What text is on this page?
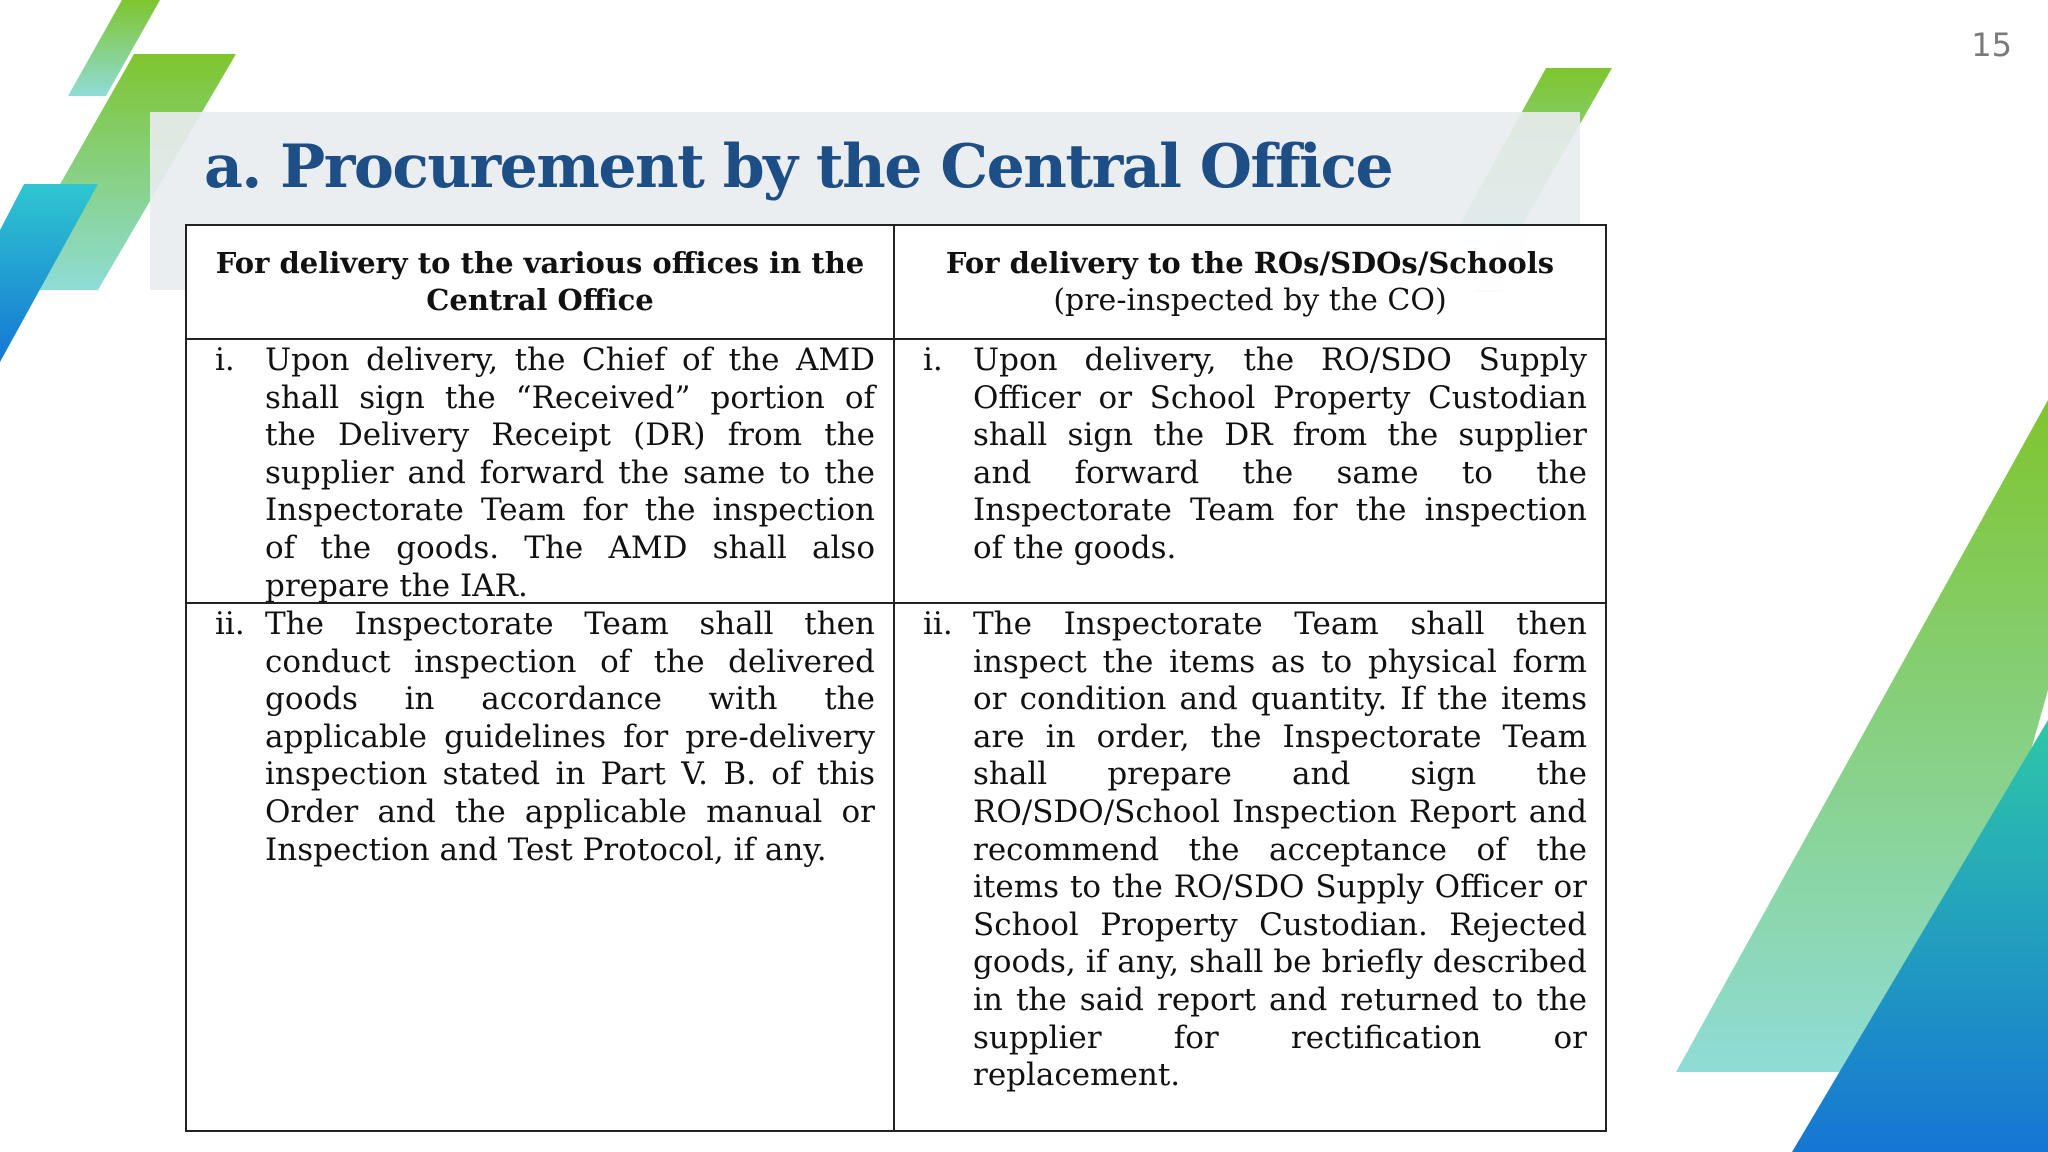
15
a. Procurement by the Central Office
For delivery to the various offices in the Central Office
For delivery to the ROs/SDOs/Schools
(pre-inspected by the CO)
i. Upon delivery, the Chief of the AMD shall sign the “Received” portion of the Delivery Receipt (DR) from the supplier and forward the same to the Inspectorate Team for the inspection of the goods. The AMD shall also prepare the IAR.
i. Upon delivery, the RO/SDO Supply Officer or School Property Custodian shall sign the DR from the supplier and forward the same to the Inspectorate Team for the inspection of the goods.
ii. The Inspectorate Team shall then conduct inspection of the delivered goods in accordance with the applicable guidelines for pre-delivery inspection stated in Part V. B. of this Order and the applicable manual or Inspection and Test Protocol, if any.
ii. The Inspectorate Team shall then inspect the items as to physical form or condition and quantity. If the items are in order, the Inspectorate Team shall prepare and sign the RO/SDO/School Inspection Report and recommend the acceptance of the items to the RO/SDO Supply Officer or School Property Custodian. Rejected goods, if any, shall be briefly described in the said report and returned to the supplier for rectification or replacement.
